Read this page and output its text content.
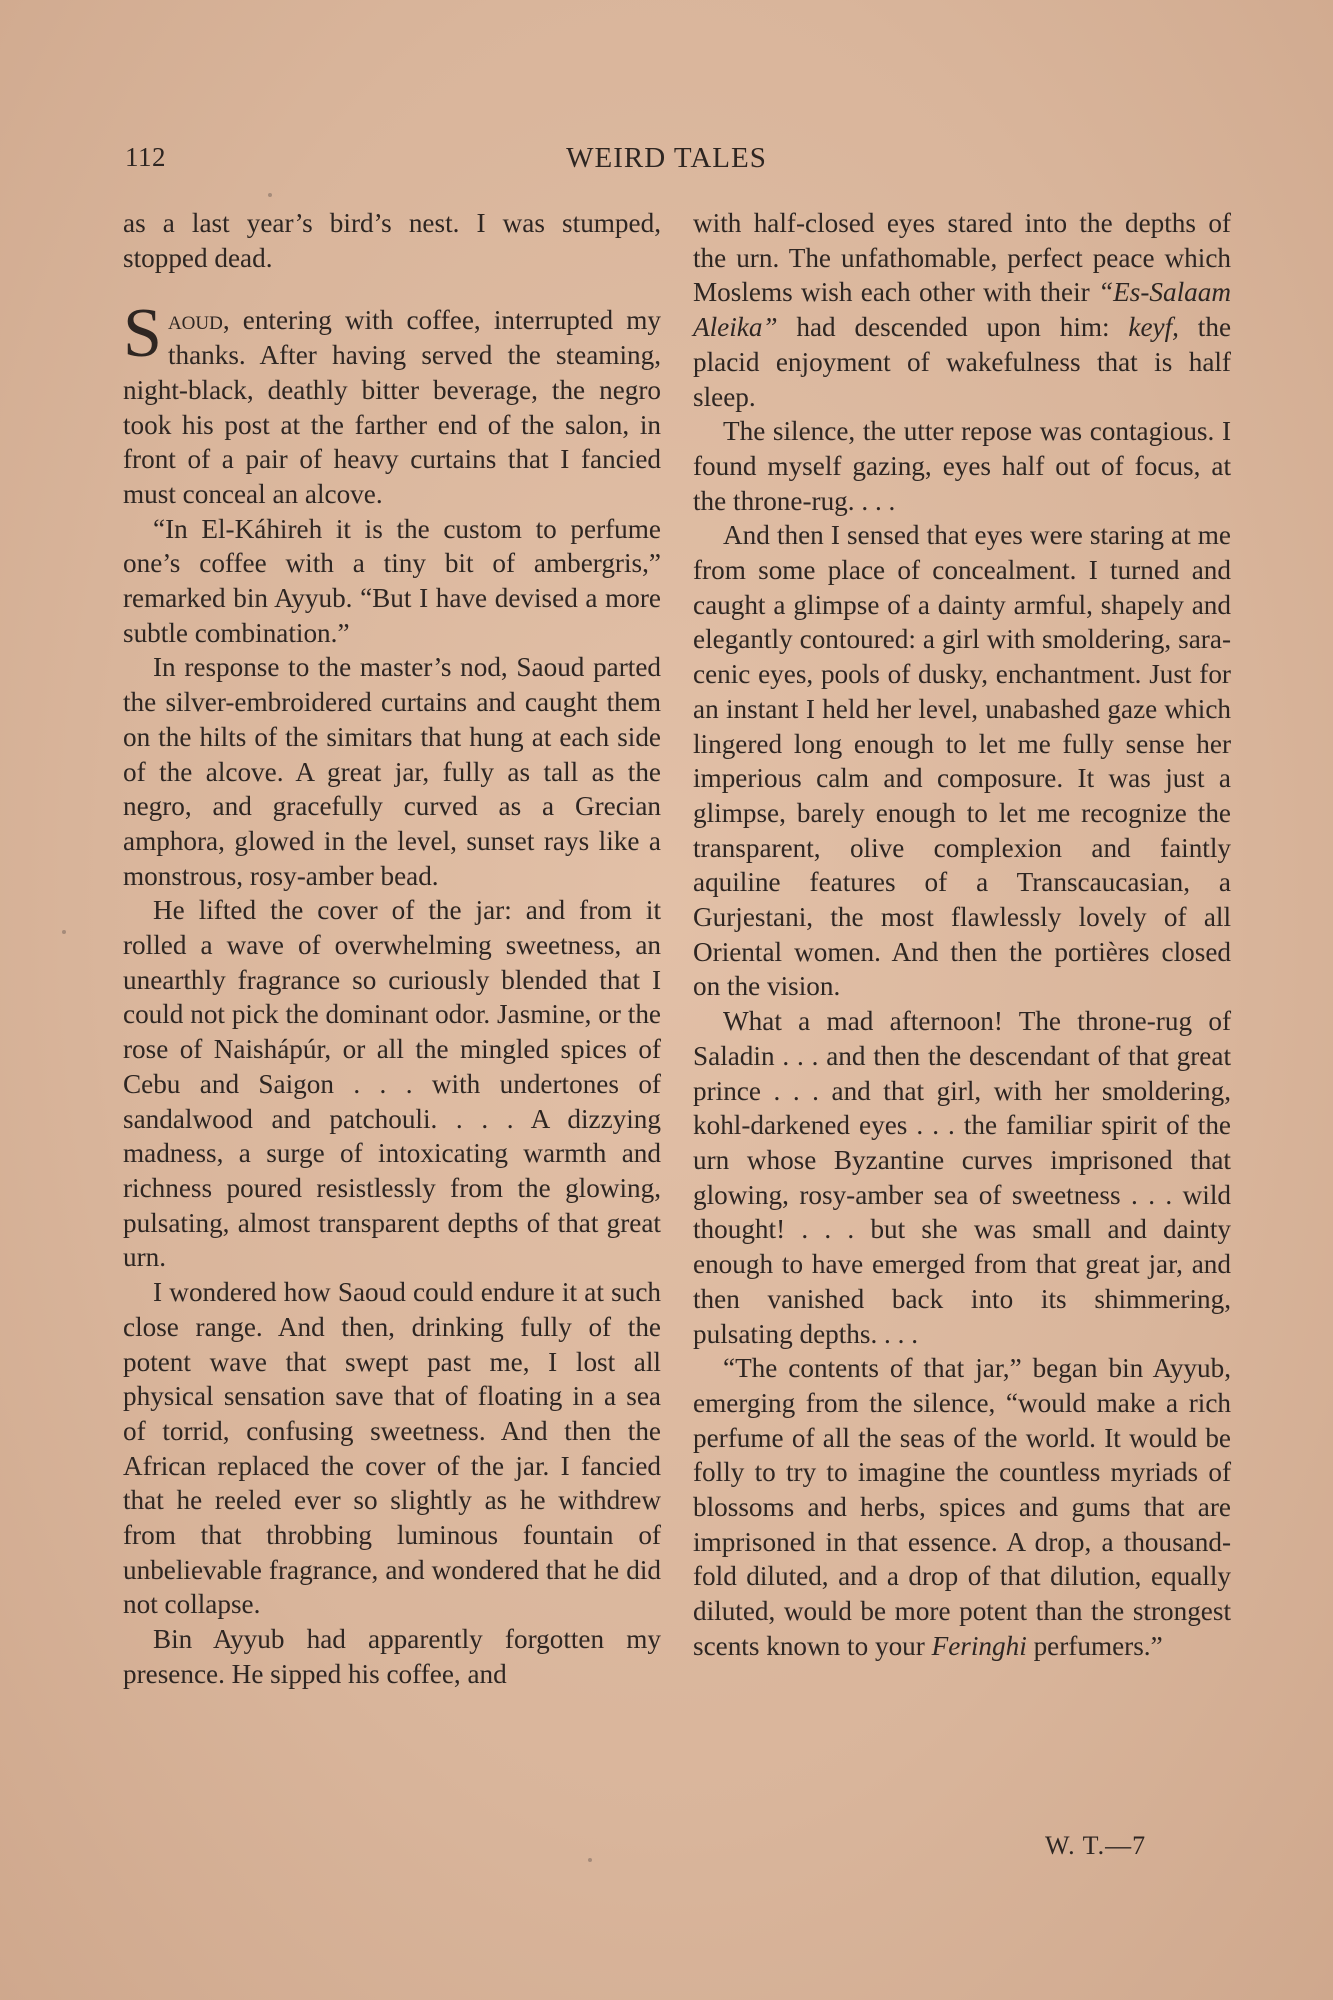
112	WEIRD TALES

as a last year’s bird’s nest. I was stumped, stopped dead.

Saoud, entering with coffee, interrupted my thanks. After having served the steaming, night-black, deathly bitter beverage, the negro took his post at the farther end of the salon, in front of a pair of heavy curtains that I fancied must conceal an alcove.

“In El-Káhireh it is the custom to perfume one’s coffee with a tiny bit of ambergris,” remarked bin Ayyub. “But I have devised a more subtle combination.”

In response to the master’s nod, Saoud parted the silver-embroidered curtains and caught them on the hilts of the simitars that hung at each side of the alcove. A great jar, fully as tall as the negro, and gracefully curved as a Grecian amphora, glowed in the level, sunset rays like a monstrous, rosy-amber bead.

He lifted the cover of the jar: and from it rolled a wave of overwhelming sweetness, an unearthly fragrance so curiously blended that I could not pick the dominant odor. Jasmine, or the rose of Naishápúr, or all the mingled spices of Cebu and Saigon . . . with undertones of sandalwood and patchouli. . . . A dizzying madness, a surge of intoxicating warmth and richness poured resistlessly from the glowing, pulsating, almost transparent depths of that great urn.

I wondered how Saoud could endure it at such close range. And then, drinking fully of the potent wave that swept past me, I lost all physical sensation save that of floating in a sea of torrid, confusing sweetness. And then the African replaced the cover of the jar. I fancied that he reeled ever so slightly as he withdrew from that throbbing luminous fountain of unbelievable fragrance, and wondered that he did not collapse.

Bin Ayyub had apparently forgotten my presence. He sipped his coffee, and

with half-closed eyes stared into the depths of the urn. The unfathomable, perfect peace which Moslems wish each other with their “Es-Salaam Aleika” had descended upon him: keyf, the placid enjoyment of wakefulness that is half sleep.

The silence, the utter repose was contagious. I found myself gazing, eyes half out of focus, at the throne-rug. . . .

And then I sensed that eyes were staring at me from some place of concealment. I turned and caught a glimpse of a dainty armful, shapely and elegantly contoured: a girl with smoldering, saracenic eyes, pools of dusky, enchantment. Just for an instant I held her level, unabashed gaze which lingered long enough to let me fully sense her imperious calm and composure. It was just a glimpse, barely enough to let me recognize the transparent, olive complexion and faintly aquiline features of a Transcaucasian, a Gurjestani, the most flawlessly lovely of all Oriental women. And then the portières closed on the vision.

What a mad afternoon! The throne-rug of Saladin . . . and then the descendant of that great prince . . . and that girl, with her smoldering, kohl-darkened eyes . . . the familiar spirit of the urn whose Byzantine curves imprisoned that glowing, rosy-amber sea of sweetness . . . wild thought! . . . but she was small and dainty enough to have emerged from that great jar, and then vanished back into its shimmering, pulsating depths. . . .

“The contents of that jar,” began bin Ayyub, emerging from the silence, “would make a rich perfume of all the seas of the world. It would be folly to try to imagine the countless myriads of blossoms and herbs, spices and gums that are imprisoned in that essence. A drop, a thousand-fold diluted, and a drop of that dilution, equally diluted, would be more potent than the strongest scents known to your Feringhi perfumers.”

W. T.—7
